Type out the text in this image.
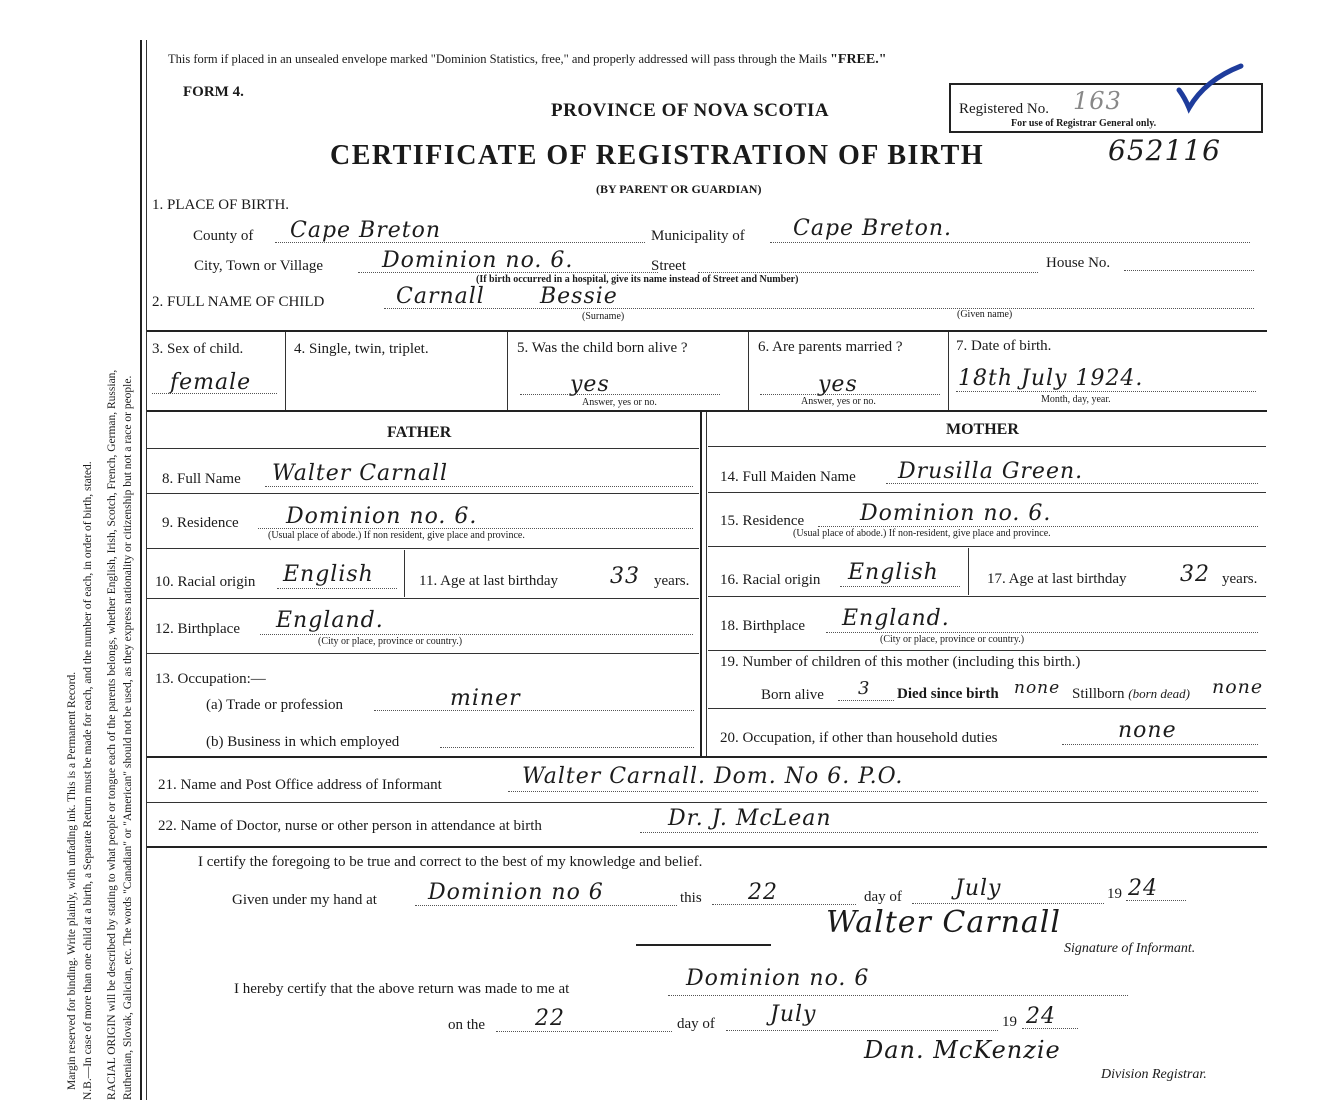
Margin reserved for binding. Write plainly, with unfading ink. This is a Permanent Record. N.B.—In case of more than one child at a birth, a Separate Return must be made for each, and the number of each, in order of birth, stated. RACIAL ORIGIN will be described by stating to what people or tongue each of the parents belongs, whether English, Irish, Scotch, French, German, Russian, Ruthenian, Slovak, Galician, etc. The words "Canadian" or "American" should not be used, as they express nationality or citizenship but not a race or people.
This form if placed in an unsealed envelope marked "Dominion Statistics, free," and properly addressed will pass through the Mails "FREE."
FORM 4.
PROVINCE OF NOVA SCOTIA
CERTIFICATE OF REGISTRATION OF BIRTH
(BY PARENT OR GUARDIAN)
Registered No. 163
For use of Registrar General only.
652116
1. PLACE OF BIRTH.
County of Cape Breton	Municipality of Cape Breton.
City, Town or Village	Dominion no. 6.	Street	House No.
(If birth occurred in a hospital, give its name instead of Street and Number)
2. FULL NAME OF CHILD	Carnall	Bessie
(Surname)	(Given name)
3. Sex of child.
female
4. Single, twin, triplet.	5. Was the child born alive ?
yes
Answer, yes or no.
6. Are parents married ?
yes
Answer, yes or no.
7. Date of birth.
18th July 1924.
Month, day, year.
FATHER	MOTHER
8. Full Name Walter Carnall
9. Residence Dominion no. 6.
(Usual place of abode.) If non resident, give place and province.
10. Racial origin English	11. Age at last birthday 33 years.
12. Birthplace England.
(City or place, province or country.)
13. Occupation:—
(a) Trade or profession	miner
(b) Business in which employed
14. Full Maiden Name Drusilla Green.
15. Residence	Dominion no. 6.
(Usual place of abode.) If non-resident, give place and province.
16. Racial origin English	17. Age at last birthday 32 years.
18. Birthplace England.
(City or place, province or country.)
19. Number of children of this mother (including this birth.)
Born alive 3 Died since birth none Stillborn (born dead) none
20. Occupation, if other than household duties	none
21. Name and Post Office address of Informant	Walter Carnall. Dom. No 6. P.O.
22. Name of Doctor, nurse or other person in attendance at birth	Dr. J. McLean
I certify the foregoing to be true and correct to the best of my knowledge and belief.
Given under my hand at Dominion no 6	this 22	day of July	19 24
Walter Carnall
Signature of Informant.
I hereby certify that the above return was made to me at	Dominion no. 6
on the 22	day of	July	19 24
Dan. McKenzie
Division Registrar.
